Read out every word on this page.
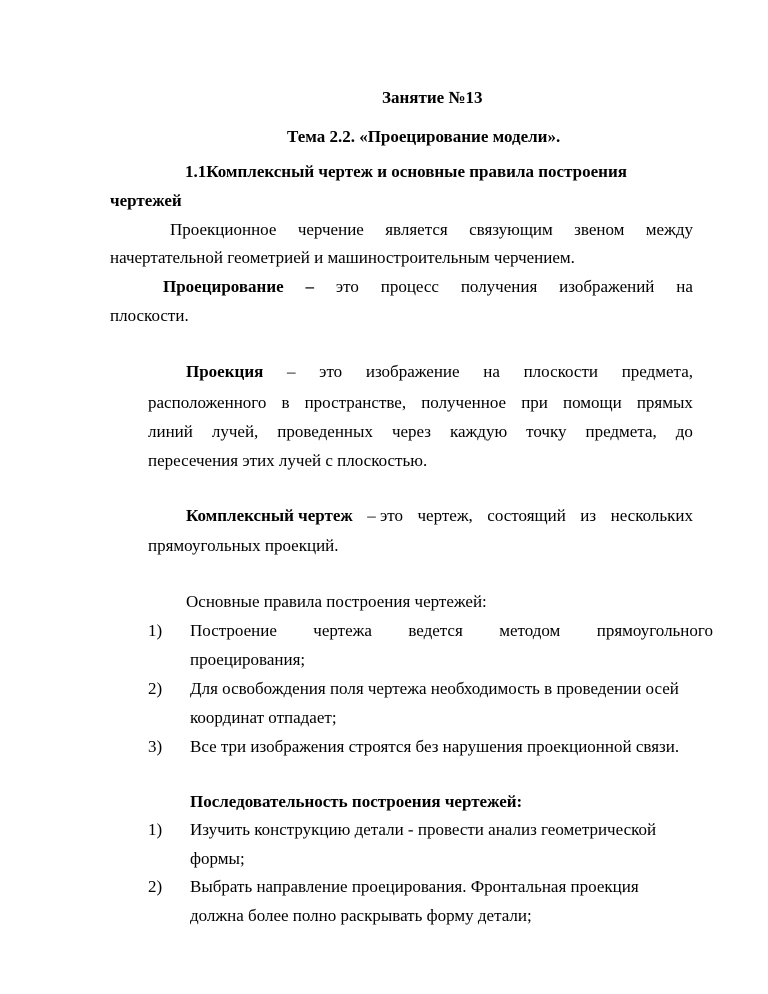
Занятие №13
Тема 2.2. «Проецирование модели».
1.1Комплексный чертеж и основные правила построения
чертежей
Проекционное черчение является связующим звеном между
начертательной геометрией и машиностроительным черчением.
Проецирование – это процесс получения изображений на
плоскости.
Проекция – это изображение на плоскости предмета,
расположенного в пространстве, полученное при помощи прямых
линий лучей, проведенных через каждую точку предмета, до
пересечения этих лучей с плоскостью.
Комплексный чертеж – это чертеж, состоящий из нескольких
прямоугольных проекций.
Основные правила построения чертежей:
1) Построение чертежа ведется методом прямоугольного
проецирования;
2) Для освобождения поля чертежа необходимость в проведении осей
координат отпадает;
3) Все три изображения строятся без нарушения проекционной связи.
Последовательность построения чертежей:
1) Изучить конструкцию детали - провести анализ геометрической
формы;
2) Выбрать направление проецирования. Фронтальная проекция
должна более полно раскрывать форму детали;
